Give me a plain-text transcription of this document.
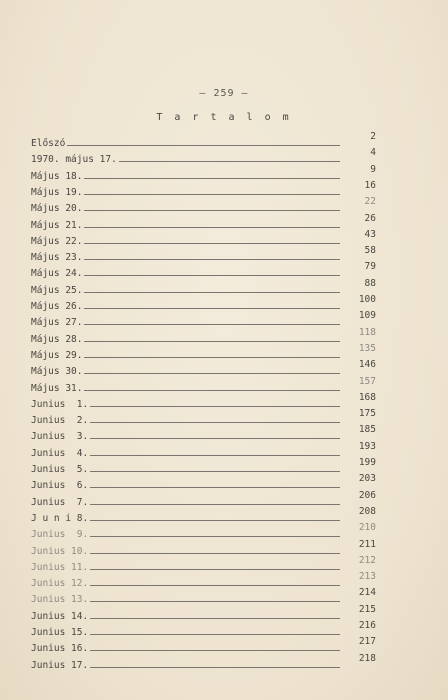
– 259 –
T a r t a l o m
Előszó
2
1970. május 17.
4
Május 18.
9
Május 19.
16
Május 20.
22
Május 21.
26
Május 22.
43
Május 23.
58
Május 24.
79
Május 25.
88
Május 26.
100
Május 27.
109
Május 28.
118
Május 29.
135
Május 30.
146
Május 31.
157
Junius  1.
168
Junius  2.
175
Junius  3.
185
Junius  4.
193
Junius  5.
199
Junius  6.
203
Junius  7.
206
J u n i 8.
208
Junius  9.
210
Junius 10.
211
Junius 11.
212
Junius 12.
213
Junius 13.
214
Junius 14.
215
Junius 15.
216
Junius 16.
217
Junius 17.
218
